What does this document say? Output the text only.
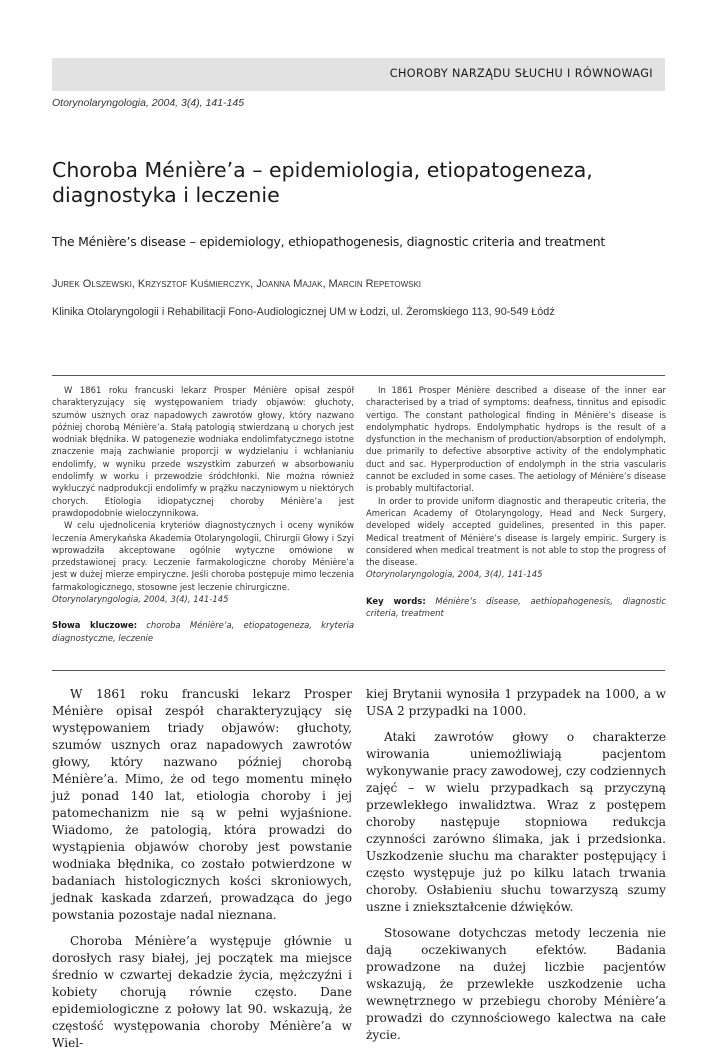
CHOROBY NARZĄDU SŁUCHU I RÓWNOWAGI
Otorynolaryngologia, 2004, 3(4), 141-145
Choroba Ménière’a – epidemiologia, etiopatogeneza, diagnostyka i leczenie
The Ménière’s disease – epidemiology, ethiopathogenesis, diagnostic criteria and treatment
Jurek Olszewski, Krzysztof Kuśmierczyk, Joanna Majak, Marcin Repetowski
Klinika Otolaryngologii i Rehabilitacji Fono-Audiologicznej UM w Łodzi, ul. Żeromskiego 113, 90-549 Łódź

W 1861 roku francuski lekarz Prosper Ménière opisał zespół charakteryzujący się występowaniem triady objawów: głuchoty, szumów usznych oraz napadowych zawrotów głowy, który nazwano później chorobą Ménière’a. Stałą patologią stwierdzaną u chorych jest wodniak błędnika. W patogenezie wodniaka endolimfatycznego istotne znaczenie mają zachwianie proporcji w wydzielaniu i wchłanianiu endolimfy, w wyniku przede wszystkim zaburzeń w absorbowaniu endolimfy w worku i przewodzie śródchłonki. Nie można również wykluczyć nadprodukcji endolimfy w prążku naczyniowym u niektórych chorych. Etiologia idiopatycznej choroby Ménière’a jest prawdopodobnie wieloczynnikowa.

W celu ujednolicenia kryteriów diagnostycznych i oceny wyników leczenia Amerykańska Akademia Otolaryngologii, Chirurgii Głowy i Szyi wprowadziła akceptowane ogólnie wytyczne omówione w przedstawionej pracy. Leczenie farmakologiczne choroby Ménière’a jest w dużej mierze empiryczne. Jeśli choroba postępuje mimo leczenia farmakologicznego, stosowne jest leczenie chirurgiczne.

Otorynolaryngologia, 2004, 3(4), 141-145

Słowa kluczowe: choroba Ménière’a, etiopatogeneza, kryteria diagnostyczne, leczenie

In 1861 Prosper Ménière described a disease of the inner ear characterised by a triad of symptoms: deafness, tinnitus and episodic vertigo. The constant pathological finding in Ménière’s disease is endolymphatic hydrops. Endolymphatic hydrops is the result of a dysfunction in the mechanism of production/absorption of endolymph, due primarily to defective absorptive activity of the endolymphatic duct and sac. Hyperproduction of endolymph in the stria vascularis cannot be excluded in some cases. The aetiology of Ménière’s disease is probably multifactorial.

In order to provide uniform diagnostic and therapeutic criteria, the American Academy of Otolaryngology, Head and Neck Surgery, developed widely accepted guidelines, presented in this paper. Medical treatment of Ménière’s disease is largely empiric. Surgery is considered when medical treatment is not able to stop the progress of the disease.

Otorynolaryngologia, 2004, 3(4), 141-145

Key words: Ménière’s disease, aethiopahogenesis, diagnostic criteria, treatment

W 1861 roku francuski lekarz Prosper Ménière opisał zespół charakteryzujący się występowaniem triady objawów: głuchoty, szumów usznych oraz napadowych zawrotów głowy, który nazwano później chorobą Ménière’a. Mimo, że od tego momentu minęło już ponad 140 lat, etiologia choroby i jej patomechanizm nie są w pełni wyjaśnione. Wiadomo, że patologią, która prowadzi do wystąpienia objawów choroby jest powstanie wodniaka błędnika, co zostało potwierdzone w badaniach histologicznych kości skroniowych, jednak kaskada zdarzeń, prowadząca do jego powstania pozostaje nadal nieznana.

Choroba Ménière’a występuje głównie u dorosłych rasy białej, jej początek ma miejsce średnio w czwartej dekadzie życia, mężczyźni i kobiety chorują równie często. Dane epidemiologiczne z połowy lat 90. wskazują, że częstość występowania choroby Ménière’a w Wiel-

kiej Brytanii wynosiła 1 przypadek na 1000, a w USA 2 przypadki na 1000.

Ataki zawrotów głowy o charakterze wirowania uniemożliwiają pacjentom wykonywanie pracy zawodowej, czy codziennych zajęć – w wielu przypadkach są przyczyną przewlekłego inwalidztwa. Wraz z postępem choroby następuje stopniowa redukcja czynności zarówno ślimaka, jak i przedsionka. Uszkodzenie słuchu ma charakter postępujący i często występuje już po kilku latach trwania choroby. Osłabieniu słuchu towarzyszą szumy uszne i zniekształcenie dźwięków.

Stosowane dotychczas metody leczenia nie dają oczekiwanych efektów. Badania prowadzone na dużej liczbie pacjentów wskazują, że przewlekłe uszkodzenie ucha wewnętrznego w przebiegu choroby Ménière’a prowadzi do czynnościowego kalectwa na całe życie.
